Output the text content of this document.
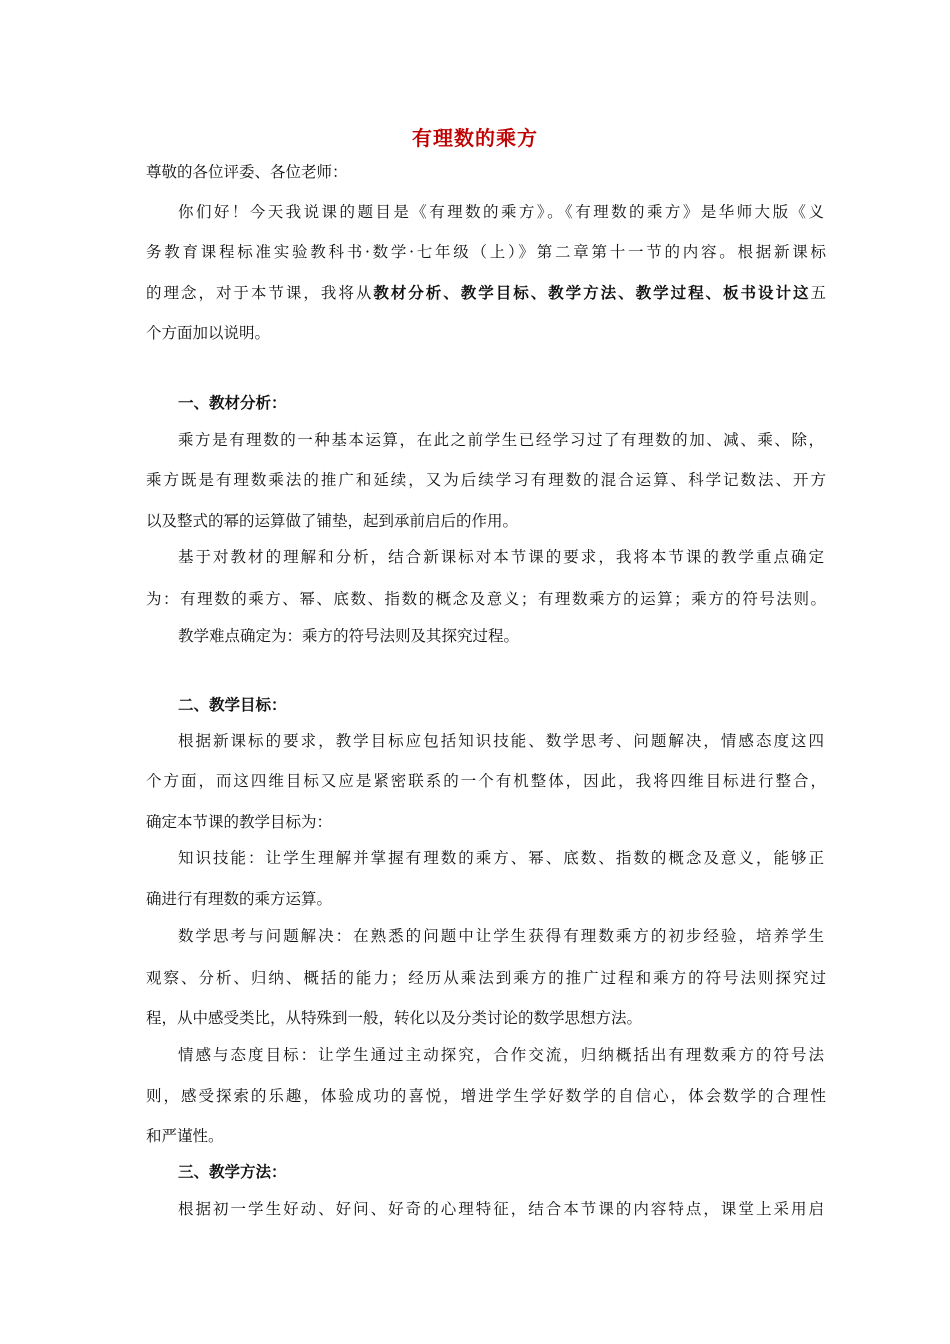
有理数的乘方
尊敬的各位评委、各位老师：
你们好！今天我说课的题目是《有理数的乘方》。《有理数的乘方》是华师大版《义
务教育课程标准实验教科书·数学·七年级（上）》第二章第十一节的内容。根据新课标
的理念，对于本节课，我将从教材分析、教学目标、教学方法、教学过程、板书设计这五
个方面加以说明。
一、教材分析：
乘方是有理数的一种基本运算，在此之前学生已经学习过了有理数的加、减、乘、除，
乘方既是有理数乘法的推广和延续，又为后续学习有理数的混合运算、科学记数法、开方
以及整式的幂的运算做了铺垫，起到承前启后的作用。
基于对教材的理解和分析，结合新课标对本节课的要求，我将本节课的教学重点确定
为：有理数的乘方、幂、底数、指数的概念及意义；有理数乘方的运算；乘方的符号法则。
教学难点确定为：乘方的符号法则及其探究过程。
二、教学目标：
根据新课标的要求，教学目标应包括知识技能、数学思考、问题解决，情感态度这四
个方面，而这四维目标又应是紧密联系的一个有机整体，因此，我将四维目标进行整合，
确定本节课的教学目标为：
知识技能：让学生理解并掌握有理数的乘方、幂、底数、指数的概念及意义，能够正
确进行有理数的乘方运算。
数学思考与问题解决：在熟悉的问题中让学生获得有理数乘方的初步经验，培养学生
观察、分析、归纳、概括的能力；经历从乘法到乘方的推广过程和乘方的符号法则探究过
程，从中感受类比，从特殊到一般，转化以及分类讨论的数学思想方法。
情感与态度目标：让学生通过主动探究，合作交流，归纳概括出有理数乘方的符号法
则，感受探索的乐趣，体验成功的喜悦，增进学生学好数学的自信心，体会数学的合理性
和严谨性。
三、教学方法：
根据初一学生好动、好问、好奇的心理特征，结合本节课的内容特点，课堂上采用启
